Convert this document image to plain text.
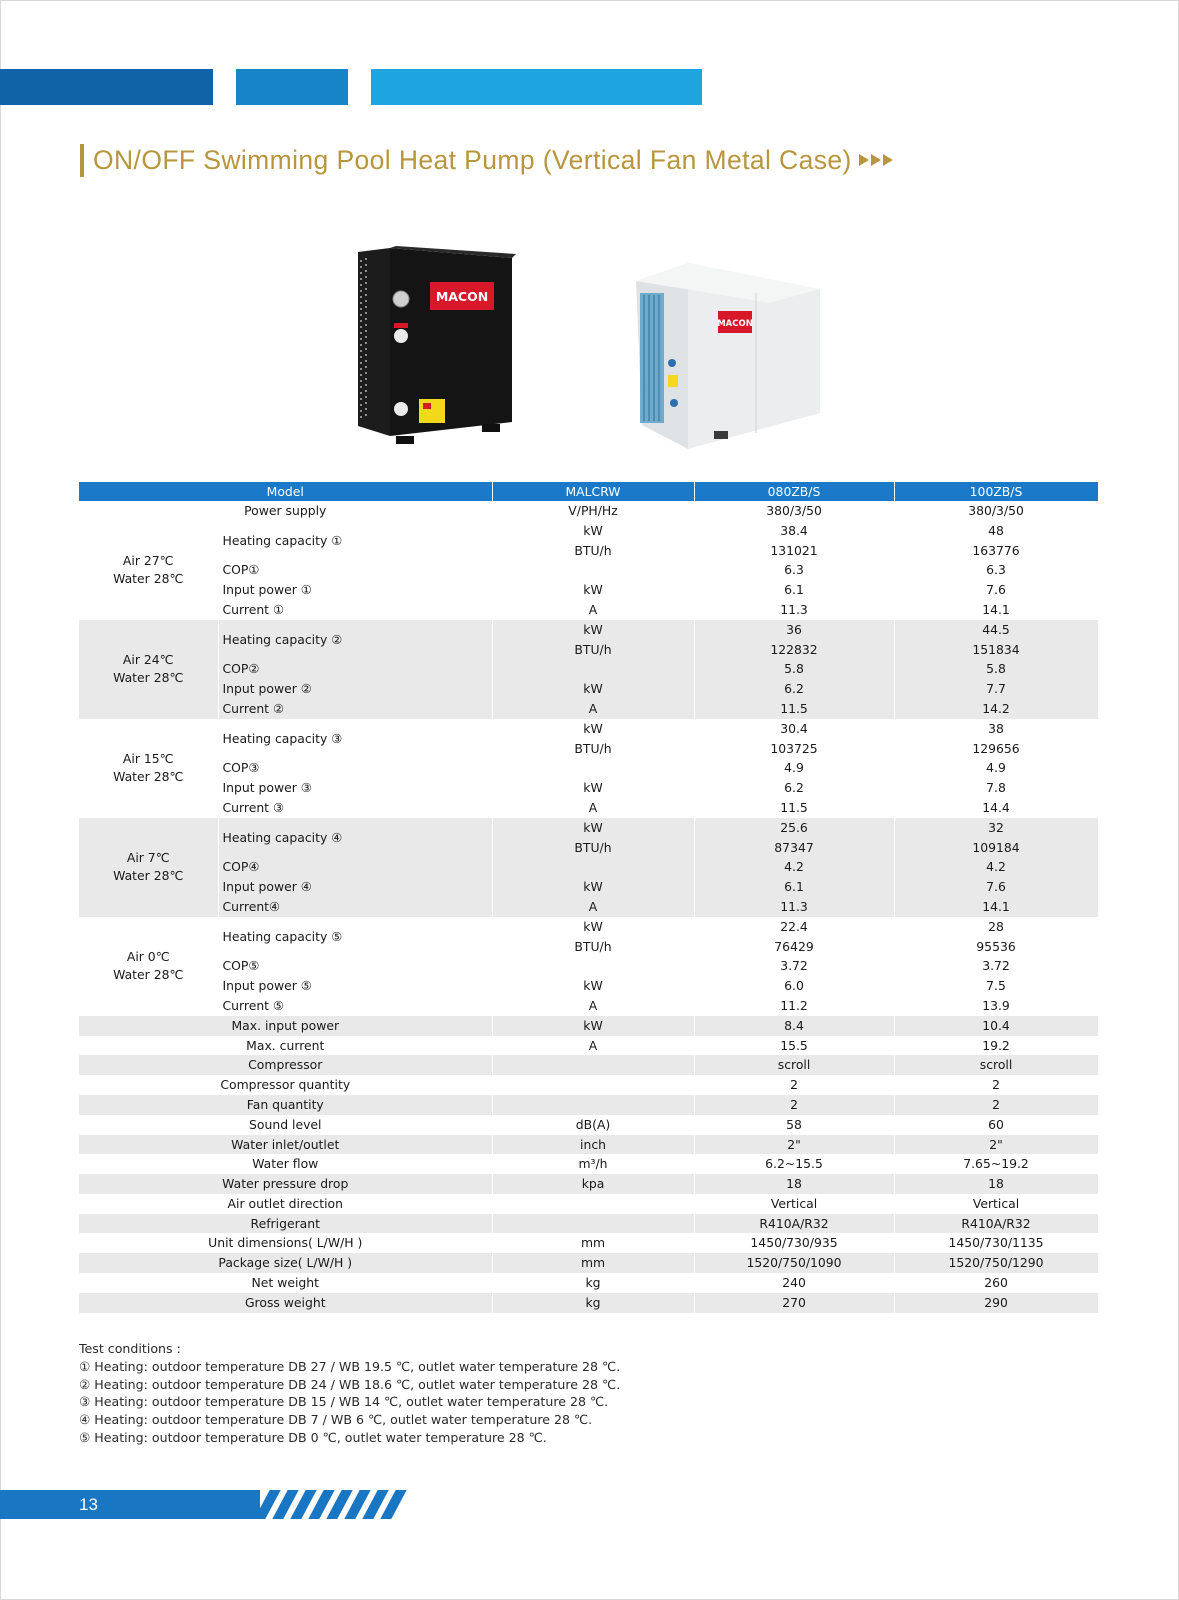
ON/OFF Swimming Pool Heat Pump (Vertical Fan Metal Case)
MACON
MACON
Model		MALCRW	080ZB/S	100ZB/S	
Power supply		V/PH/Hz	380/3/50	380/3/50	

Air 27℃
Water 28℃	Heating capacity ①	kW	38.4	48	
		BTU/h	131021	163776	
	COP①		6.3	6.3	
	Input power ①	kW	6.1	7.6	
	Current ①	A	11.3	14.1	

Air 24℃
Water 28℃	Heating capacity ②	kW	36	44.5	
		BTU/h	122832	151834	
	COP②		5.8	5.8	
	Input power ②	kW	6.2	7.7	
	Current ②	A	11.5	14.2	

Air 15℃
Water 28℃	Heating capacity ③	kW	30.4	38	
		BTU/h	103725	129656	
	COP③		4.9	4.9	
	Input power ③	kW	6.2	7.8	
	Current ③	A	11.5	14.4	

Air 7℃
Water 28℃	Heating capacity ④	kW	25.6	32	
		BTU/h	87347	109184	
	COP④		4.2	4.2	
	Input power ④	kW	6.1	7.6	
	Current④	A	11.3	14.1	

Air 0℃
Water 28℃	Heating capacity ⑤	kW	22.4	28	
		BTU/h	76429	95536	
	COP⑤		3.72	3.72	
	Input power ⑤	kW	6.0	7.5	
	Current ⑤	A	11.2	13.9	
Max. input power		kW	8.4	10.4	
Max. current		A	15.5	19.2	
Compressor			scroll	scroll	
Compressor quantity			2	2	
Fan quantity			2	2	
Sound level		dB(A)	58	60	
Water inlet/outlet		inch	2"	2"	
Water flow		m³/h	6.2~15.5	7.65~19.2	
Water pressure drop		kpa	18	18	
Air outlet direction			Vertical	Vertical	
Refrigerant			R410A/R32	R410A/R32	
Unit dimensions( L/W/H )		mm	1450/730/935	1450/730/1135	
Package size( L/W/H )		mm	1520/750/1090	1520/750/1290	
Net weight		kg	240	260	
Gross weight		kg	270	290	
Test conditions :
① Heating: outdoor temperature DB 27 / WB 19.5 ℃, outlet water temperature 28 ℃.
② Heating: outdoor temperature DB 24 / WB 18.6 ℃, outlet water temperature 28 ℃.
③ Heating: outdoor temperature DB 15 / WB 14 ℃, outlet water temperature 28 ℃.
④ Heating: outdoor temperature DB 7 / WB 6 ℃, outlet water temperature 28 ℃.
⑤ Heating: outdoor temperature DB 0 ℃, outlet water temperature 28 ℃.
13
